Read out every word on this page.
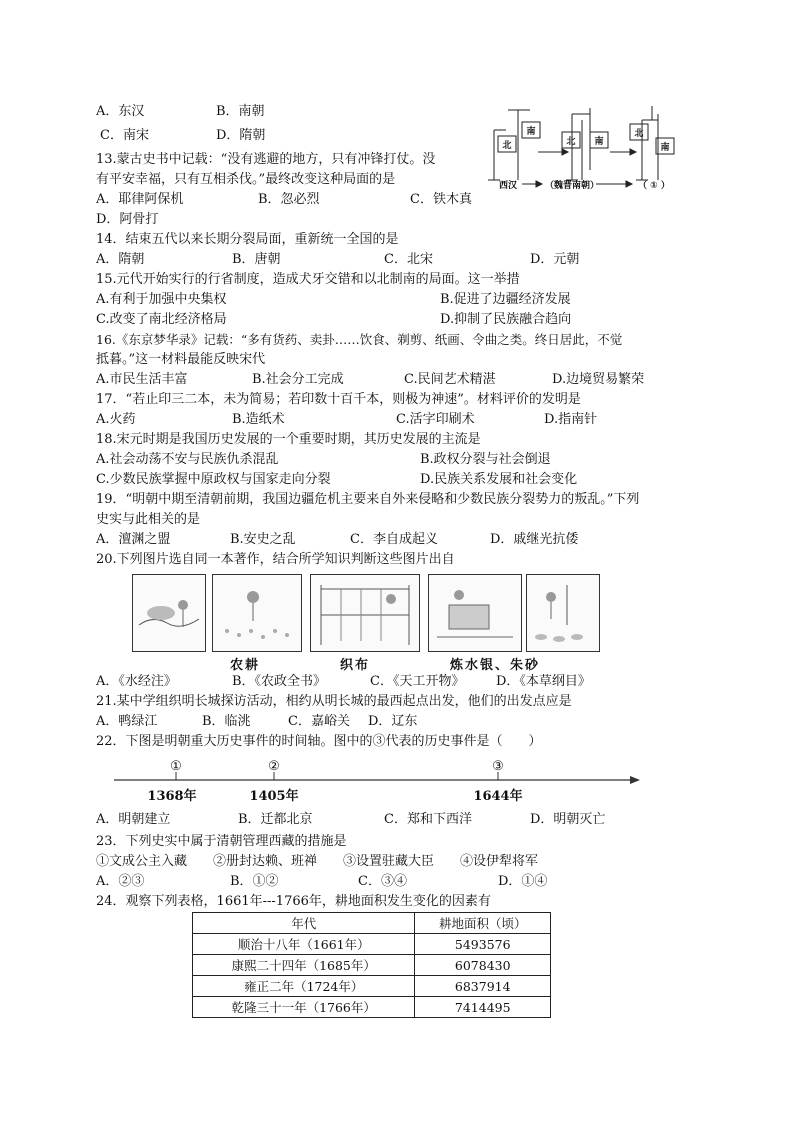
A．东汉	B．南朝
C．南宋	D．隋朝
北
南
北 南
北
南
西汉	（魏晋南朝）	（ ① ）
13.蒙古史书中记载：“没有逃避的地方，只有冲锋打仗。没
有平安幸福，只有互相杀伐。”最终改变这种局面的是
A．耶律阿保机	B．忽必烈	C．铁木真
D．阿骨打
14．结束五代以来长期分裂局面，重新统一全国的是
A．隋朝	B．唐朝	C．北宋	D．元朝
15.元代开始实行的行省制度，造成犬牙交错和以北制南的局面。这一举措
A.有利于加强中央集权	B.促进了边疆经济发展
C.改变了南北经济格局	D.抑制了民族融合趋向
16.《东京梦华录》记载：“多有货药、卖卦……饮食、剃剪、纸画、令曲之类。终日居此，不觉
抵暮。”这一材料最能反映宋代
A.市民生活丰富	B.社会分工完成	C.民间艺术精湛	D.边境贸易繁荣
17．“若止印三二本，未为简易；若印数十百千本，则极为神速”。材料评价的发明是
A.火药	B.造纸术	C.活字印刷术	D.指南针
18.宋元时期是我国历史发展的一个重要时期，其历史发展的主流是
A.社会动荡不安与民族仇杀混乱	B.政权分裂与社会倒退
C.少数民族掌握中原政权与国家走向分裂	D.民族关系发展和社会变化
19．“明朝中期至清朝前期，我国边疆危机主要来自外来侵略和少数民族分裂势力的叛乱。”下列
史实与此相关的是
A．澶渊之盟	B.安史之乱	C．李自成起义	D．戚继光抗倭
20.下列图片选自同一本著作，结合所学知识判断这些图片出自
农耕	织布	炼水银、朱砂
A．《水经注》	B．《农政全书》	C．《天工开物》 D．《本草纲目》
21.某中学组织明长城探访活动，相约从明长城的最西起点出发，他们的出发点应是
A．鸭绿江	B．临洮	C．嘉峪关 D．辽东
22．下图是明朝重大历史事件的时间轴。图中的③代表的历史事件是（　　）
①	②	③
1368年	1405年	1644年
A．明朝建立	B．迁都北京	C．郑和下西洋	D．明朝灭亡
23．下列史实中属于清朝管理西藏的措施是
①文成公主入藏　　②册封达赖、班禅　　③设置驻藏大臣　　④设伊犁将军
A．②③	B．①②	C．③④	D．①④
24．观察下列表格，1661年---1766年，耕地面积发生变化的因素有
年代	耕地面积（顷）
顺治十八年（1661年）	5493576
康熙二十四年（1685年）	6078430
雍正二年（1724年）	6837914
乾隆三十一年（1766年）	7414495
